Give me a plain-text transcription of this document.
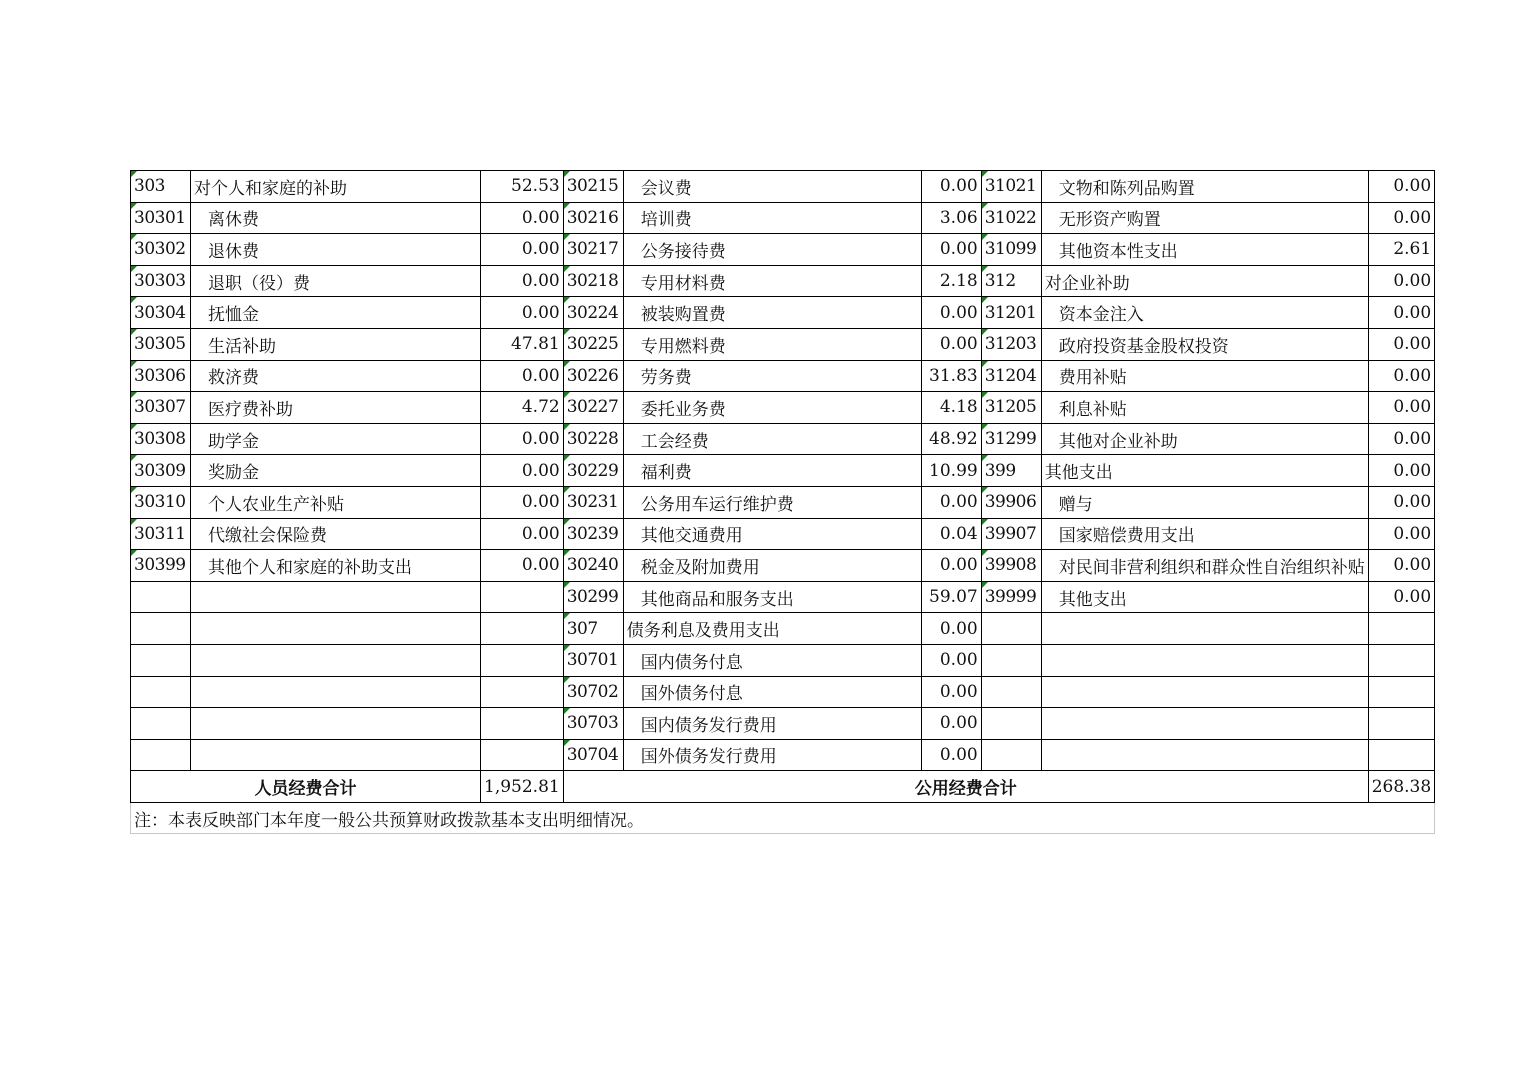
303	对个人和家庭的补助	52.53	30215	会议费	0.00	31021	文物和陈列品购置	0.00
30301	离休费	0.00	30216	培训费	3.06	31022	无形资产购置	0.00
30302	退休费	0.00	30217	公务接待费	0.00	31099	其他资本性支出	2.61
30303	退职（役）费	0.00	30218	专用材料费	2.18	312	对企业补助	0.00
30304	抚恤金	0.00	30224	被装购置费	0.00	31201	资本金注入	0.00
30305	生活补助	47.81	30225	专用燃料费	0.00	31203	政府投资基金股权投资	0.00
30306	救济费	0.00	30226	劳务费	31.83	31204	费用补贴	0.00
30307	医疗费补助	4.72	30227	委托业务费	4.18	31205	利息补贴	0.00
30308	助学金	0.00	30228	工会经费	48.92	31299	其他对企业补助	0.00
30309	奖励金	0.00	30229	福利费	10.99	399	其他支出	0.00
30310	个人农业生产补贴	0.00	30231	公务用车运行维护费	0.00	39906	赠与	0.00
30311	代缴社会保险费	0.00	30239	其他交通费用	0.04	39907	国家赔偿费用支出	0.00
30399	其他个人和家庭的补助支出	0.00	30240	税金及附加费用	0.00	39908	对民间非营利组织和群众性自治组织补贴	0.00
			30299	其他商品和服务支出	59.07	39999	其他支出	0.00
			307	债务利息及费用支出	0.00			
			30701	国内债务付息	0.00			
			30702	国外债务付息	0.00			
			30703	国内债务发行费用	0.00			
			30704	国外债务发行费用	0.00			
人员经费合计		1,952.81	公用经费合计					268.38
注：本表反映部门本年度一般公共预算财政拨款基本支出明细情况。								
